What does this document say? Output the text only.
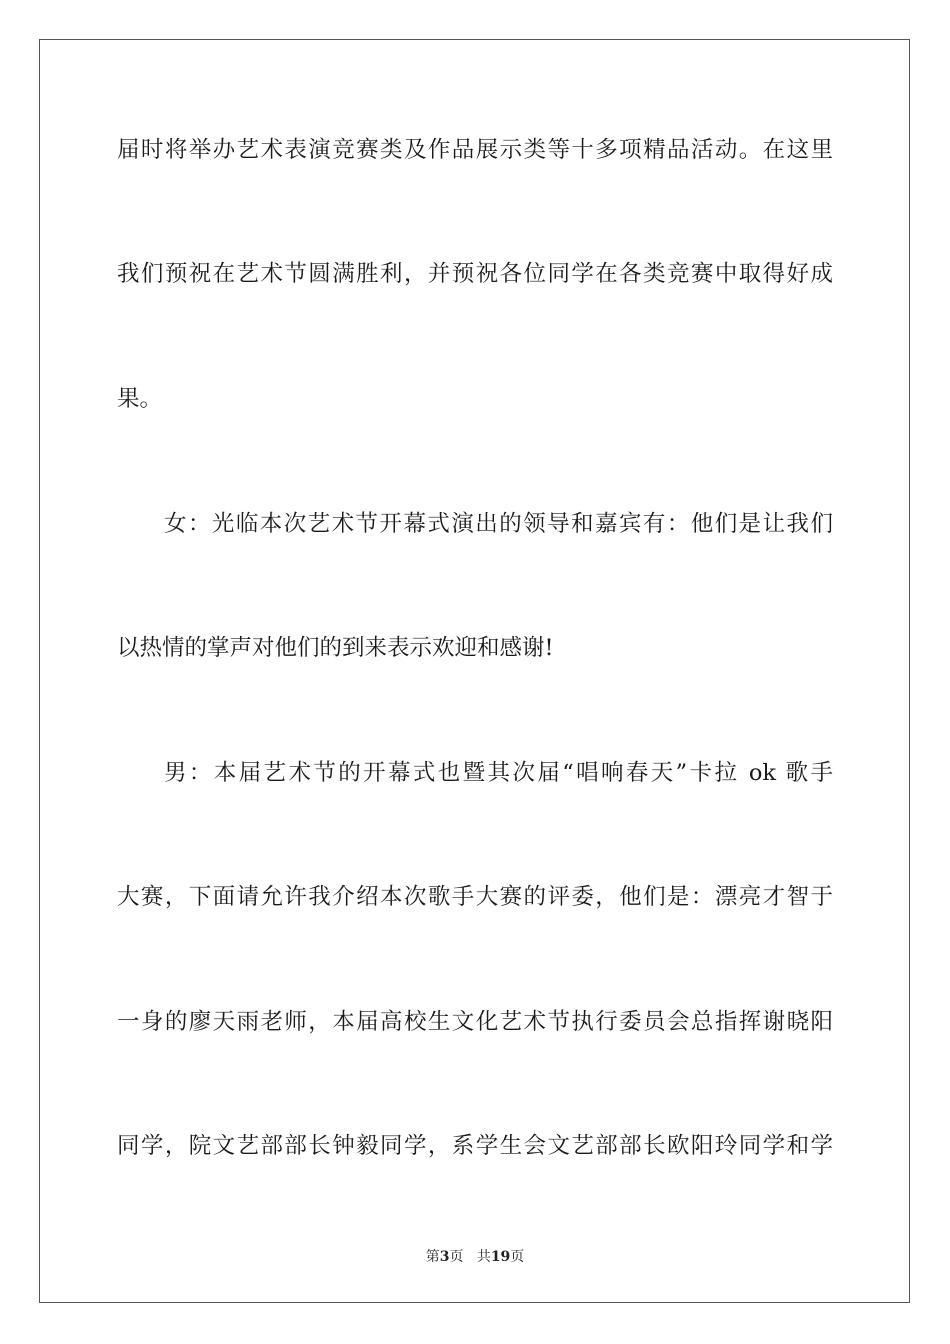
届时将举办艺术表演竞赛类及作品展示类等十多项精品活动。在这里
我们预祝在艺术节圆满胜利，并预祝各位同学在各类竞赛中取得好成
果。
女：光临本次艺术节开幕式演出的领导和嘉宾有：他们是让我们
以热情的掌声对他们的到来表示欢迎和感谢!
男：本届艺术节的开幕式也暨其次届“唱响春天”卡拉 ok 歌手
大赛，下面请允许我介绍本次歌手大赛的评委，他们是：漂亮才智于
一身的廖天雨老师，本届高校生文化艺术节执行委员会总指挥谢晓阳
同学，院文艺部部长钟毅同学，系学生会文艺部部长欧阳玲同学和学
第3页 共19页
